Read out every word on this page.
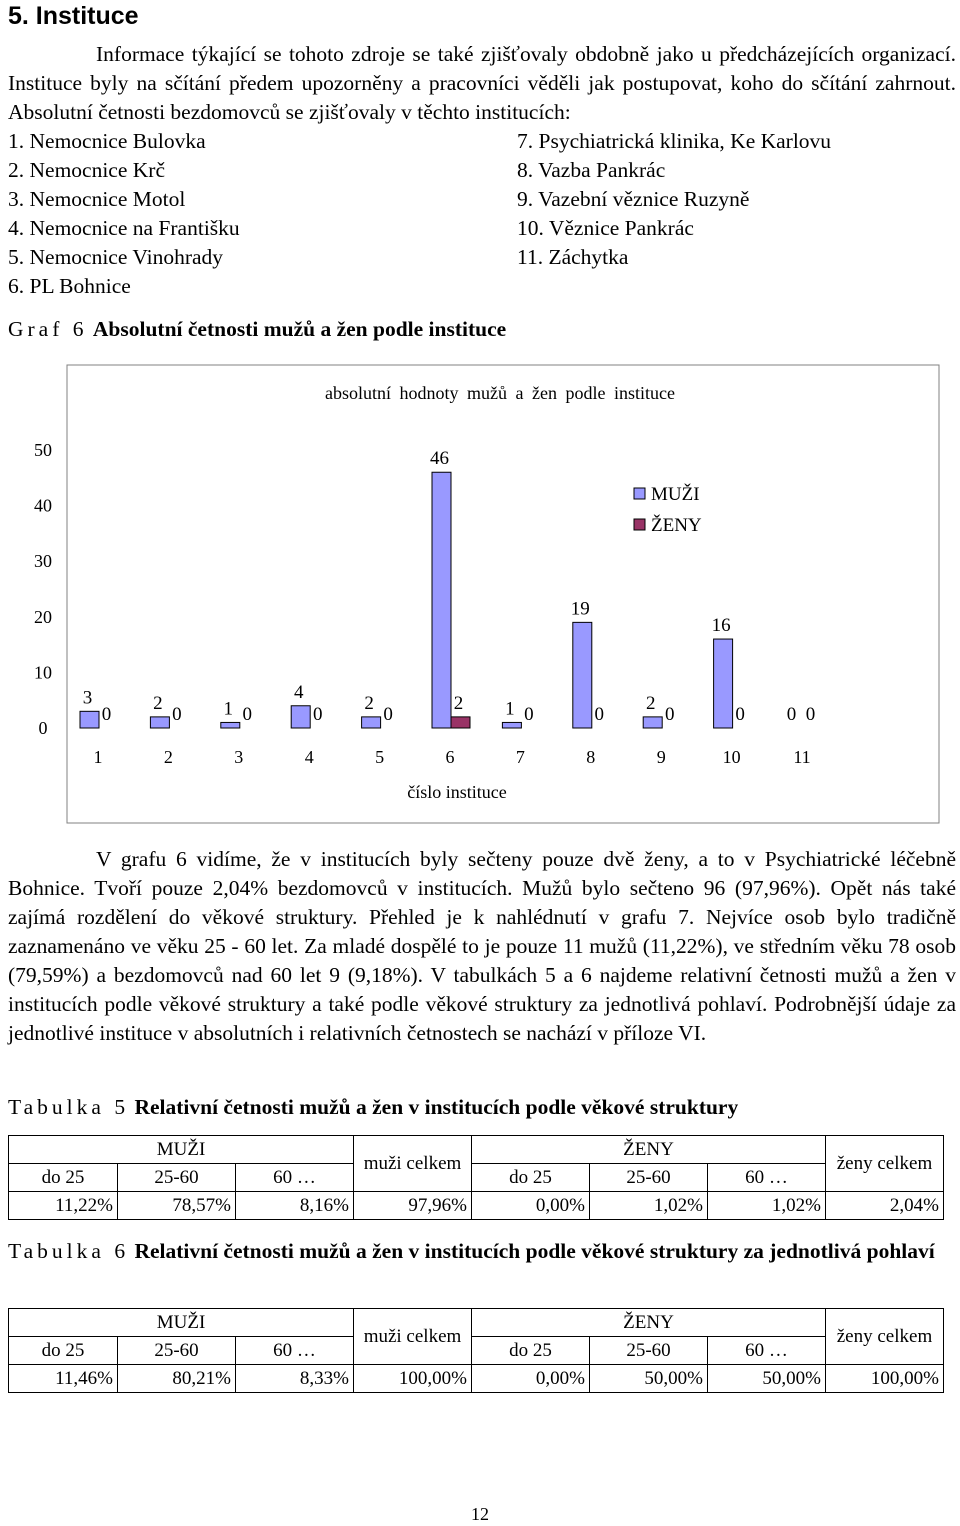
5. Instituce

Informace týkající se tohoto zdroje se také zjišťovaly obdobně jako u předcházejících organizací. Instituce byly na sčítání předem upozorněny a pracovníci věděli jak postupovat, koho do sčítání zahrnout. Absolutní četnosti bezdomovců se zjišťovaly v těchto institucích:

1. Nemocnice Bulovka
2. Nemocnice Krč
3. Nemocnice Motol
4. Nemocnice na Františku
5. Nemocnice Vinohrady
6. PL Bohnice
7. Psychiatrická klinika, Ke Karlovu
8. Vazba Pankrác
9. Vazební věznice Ruzyně
10. Věznice Pankrác
11. Záchytka
Graf 6 Absolutní četnosti mužů a žen podle instituce
absolutní hodnoty mužů a žen podle instituce
0
10
20
30
40
50
3
0
1
2
0
2
1 0
3
4
0
4
2
0
5
46
2
6
1 0
7
19
0
8
2
0
9
16
0
10
0 0
11
číslo instituce
MUŽI
ŽENY

V grafu 6 vidíme, že v institucích byly sečteny pouze dvě ženy, a to v Psychiatrické léčebně Bohnice. Tvoří pouze 2,04% bezdomovců v institucích. Mužů bylo sečteno 96 (97,96%). Opět nás také zajímá rozdělení do věkové struktury. Přehled je k nahlédnutí v grafu 7. Nejvíce osob bylo tradičně zaznamenáno ve věku 25 - 60 let. Za mladé dospělé to je pouze 11 mužů (11,22%), ve středním věku 78 osob (79,59%) a bezdomovců nad 60 let 9 (9,18%). V tabulkách 5 a 6 najdeme relativní četnosti mužů a žen v institucích podle věkové struktury a také podle věkové struktury za jednotlivá pohlaví. Podrobnější údaje za jednotlivé instituce v absolutních i relativních četnostech se nachází v příloze VI.

Tabulka 5 Relativní četnosti mužů a žen v institucích podle věkové struktury
MUŽI			muži celkem	ŽENY			ženy celkem
do 25	25-60	60 …		do 25	25-60	60 …	
11,22%	78,57%	8,16%	97,96%	0,00%	1,02%	1,02%	2,04%
Tabulka 6 Relativní četnosti mužů a žen v institucích podle věkové struktury za jednotlivá pohlaví
MUŽI			muži celkem	ŽENY			ženy celkem
do 25	25-60	60 …		do 25	25-60	60 …	
11,46%	80,21%	8,33%	100,00%	0,00%	50,00%	50,00%	100,00%
12
